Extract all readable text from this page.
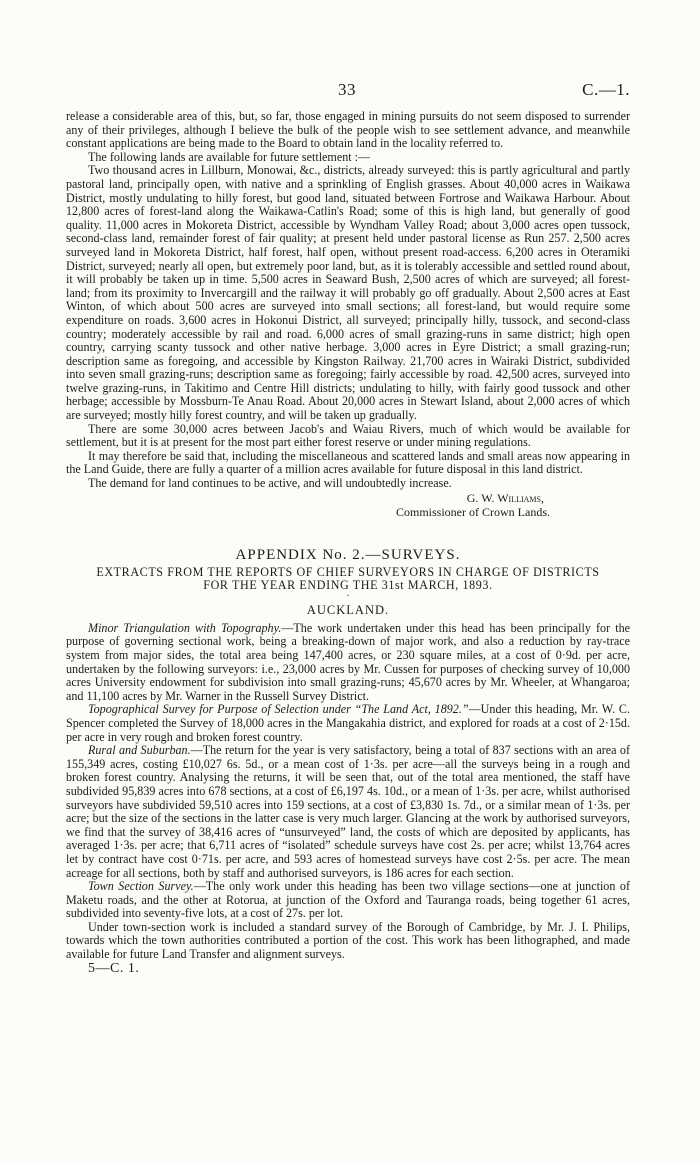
33	C.—1.

release a considerable area of this, but, so far, those engaged in mining pursuits do not seem disposed to surrender any of their privileges, although I believe the bulk of the people wish to see settlement advance, and meanwhile constant applications are being made to the Board to obtain land in the locality referred to.

The following lands are available for future settlement :—

Two thousand acres in Lillburn, Monowai, &c., districts, already surveyed: this is partly agricultural and partly pastoral land, principally open, with native and a sprinkling of English grasses. About 40,000 acres in Waikawa District, mostly undulating to hilly forest, but good land, situated between Fortrose and Waikawa Harbour. About 12,800 acres of forest-land along the Waikawa-Catlin's Road; some of this is high land, but generally of good quality. 11,000 acres in Mokoreta District, accessible by Wyndham Valley Road; about 3,000 acres open tussock, second-class land, remainder forest of fair quality; at present held under pastoral license as Run 257. 2,500 acres surveyed land in Mokoreta District, half forest, half open, without present road-access. 6,200 acres in Oteramiki District, surveyed; nearly all open, but extremely poor land, but, as it is tolerably accessible and settled round about, it will probably be taken up in time. 5,500 acres in Seaward Bush, 2,500 acres of which are surveyed; all forest-land; from its proximity to Invercargill and the railway it will probably go off gradually. About 2,500 acres at East Winton, of which about 500 acres are surveyed into small sections; all forest-land, but would require some expenditure on roads. 3,600 acres in Hokonui District, all surveyed; principally hilly, tussock, and second-class country; moderately accessible by rail and road. 6,000 acres of small grazing-runs in same district; high open country, carrying scanty tussock and other native herbage. 3,000 acres in Eyre District; a small grazing-run; description same as foregoing, and accessible by Kingston Railway. 21,700 acres in Wairaki District, subdivided into seven small grazing-runs; description same as foregoing; fairly accessible by road. 42,500 acres, surveyed into twelve grazing-runs, in Takitimo and Centre Hill districts; undulating to hilly, with fairly good tussock and other herbage; accessible by Mossburn-Te Anau Road. About 20,000 acres in Stewart Island, about 2,000 acres of which are surveyed; mostly hilly forest country, and will be taken up gradually.

There are some 30,000 acres between Jacob's and Waiau Rivers, much of which would be available for settlement, but it is at present for the most part either forest reserve or under mining regulations.

It may therefore be said that, including the miscellaneous and scattered lands and small areas now appearing in the Land Guide, there are fully a quarter of a million acres available for future disposal in this land district.

The demand for land continues to be active, and will undoubtedly increase.

G. W. Williams,

Commissioner of Crown Lands.

APPENDIX No. 2.—SURVEYS.

EXTRACTS FROM THE REPORTS OF CHIEF SURVEYORS IN CHARGE OF DISTRICTS

FOR THE YEAR ENDING THE 31st MARCH, 1893.

·

AUCKLAND.

Minor Triangulation with Topography.—The work undertaken under this head has been principally for the purpose of governing sectional work, being a breaking-down of major work, and also a reduction by ray-trace system from major sides, the total area being 147,400 acres, or 230 square miles, at a cost of 0·9d. per acre, undertaken by the following surveyors: i.e., 23,000 acres by Mr. Cussen for purposes of checking survey of 10,000 acres University endowment for subdivision into small grazing-runs; 45,670 acres by Mr. Wheeler, at Whangaroa; and 11,100 acres by Mr. Warner in the Russell Survey District.

Topographical Survey for Purpose of Selection under “The Land Act, 1892.”—Under this heading, Mr. W. C. Spencer completed the Survey of 18,000 acres in the Mangakahia district, and explored for roads at a cost of 2·15d. per acre in very rough and broken forest country.

Rural and Suburban.—The return for the year is very satisfactory, being a total of 837 sections with an area of 155,349 acres, costing £10,027 6s. 5d., or a mean cost of 1·3s. per acre—all the surveys being in a rough and broken forest country. Analysing the returns, it will be seen that, out of the total area mentioned, the staff have subdivided 95,839 acres into 678 sections, at a cost of £6,197 4s. 10d., or a mean of 1·3s. per acre, whilst authorised surveyors have subdivided 59,510 acres into 159 sections, at a cost of £3,830 1s. 7d., or a similar mean of 1·3s. per acre; but the size of the sections in the latter case is very much larger. Glancing at the work by authorised surveyors, we find that the survey of 38,416 acres of “unsurveyed” land, the costs of which are deposited by applicants, has averaged 1·3s. per acre; that 6,711 acres of “isolated” schedule surveys have cost 2s. per acre; whilst 13,764 acres let by contract have cost 0·71s. per acre, and 593 acres of homestead surveys have cost 2·5s. per acre. The mean acreage for all sections, both by staff and authorised surveyors, is 186 acres for each section.

Town Section Survey.—The only work under this heading has been two village sections—one at junction of Maketu roads, and the other at Rotorua, at junction of the Oxford and Tauranga roads, being together 61 acres, subdivided into seventy-five lots, at a cost of 27s. per lot.

Under town-section work is included a standard survey of the Borough of Cambridge, by Mr. J. I. Philips, towards which the town authorities contributed a portion of the cost. This work has been lithographed, and made available for future Land Transfer and alignment surveys.

5—C. 1.
